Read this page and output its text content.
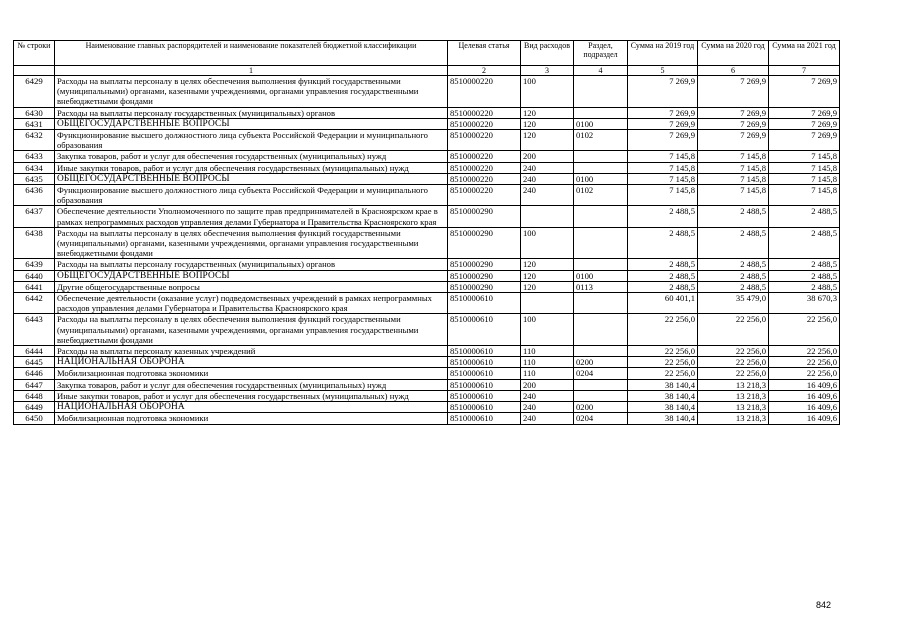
№ строки	Наименование главных распорядителей и наименование показателей бюджетной классификации	Целевая статья	Вид расходов	Раздел, подраздел	Сумма на 2019 год	Сумма на 2020 год	Сумма на 2021 год
	1	2	3	4	5	6	7
6429	Расходы на выплаты персоналу в целях обеспечения выполнения функций государственными (муниципальными) органами, казенными учреждениями, органами управления государственными внебюджетными фондами	8510000220	100		7 269,9	7 269,9	7 269,9
6430	Расходы на выплаты персоналу государственных (муниципальных) органов	8510000220	120		7 269,9	7 269,9	7 269,9
6431	ОБЩЕГОСУДАРСТВЕННЫЕ ВОПРОСЫ	8510000220	120	0100	7 269,9	7 269,9	7 269,9
6432	Функционирование высшего должностного лица субъекта Российской Федерации и муниципального образования	8510000220	120	0102	7 269,9	7 269,9	7 269,9
6433	Закупка товаров, работ и услуг для обеспечения государственных (муниципальных) нужд	8510000220	200		7 145,8	7 145,8	7 145,8
6434	Иные закупки товаров, работ и услуг для обеспечения государственных (муниципальных) нужд	8510000220	240		7 145,8	7 145,8	7 145,8
6435	ОБЩЕГОСУДАРСТВЕННЫЕ ВОПРОСЫ	8510000220	240	0100	7 145,8	7 145,8	7 145,8
6436	Функционирование высшего должностного лица субъекта Российской Федерации и муниципального образования	8510000220	240	0102	7 145,8	7 145,8	7 145,8
6437	Обеспечение деятельности Уполномоченного по защите прав предпринимателей в Красноярском крае в рамках непрограммных расходов управления делами Губернатора и Правительства Красноярского края	8510000290			2 488,5	2 488,5	2 488,5
6438	Расходы на выплаты персоналу в целях обеспечения выполнения функций государственными (муниципальными) органами, казенными учреждениями, органами управления государственными внебюджетными фондами	8510000290	100		2 488,5	2 488,5	2 488,5
6439	Расходы на выплаты персоналу государственных (муниципальных) органов	8510000290	120		2 488,5	2 488,5	2 488,5
6440	ОБЩЕГОСУДАРСТВЕННЫЕ ВОПРОСЫ	8510000290	120	0100	2 488,5	2 488,5	2 488,5
6441	Другие общегосударственные вопросы	8510000290	120	0113	2 488,5	2 488,5	2 488,5
6442	Обеспечение деятельности (оказание услуг) подведомственных учреждений в рамках непрограммных расходов управления делами Губернатора и Правительства Красноярского края	8510000610			60 401,1	35 479,0	38 670,3
6443	Расходы на выплаты персоналу в целях обеспечения выполнения функций государственными (муниципальными) органами, казенными учреждениями, органами управления государственными внебюджетными фондами	8510000610	100		22 256,0	22 256,0	22 256,0
6444	Расходы на выплаты персоналу казенных учреждений	8510000610	110		22 256,0	22 256,0	22 256,0
6445	НАЦИОНАЛЬНАЯ ОБОРОНА	8510000610	110	0200	22 256,0	22 256,0	22 256,0
6446	Мобилизационная подготовка экономики	8510000610	110	0204	22 256,0	22 256,0	22 256,0
6447	Закупка товаров, работ и услуг для обеспечения государственных (муниципальных) нужд	8510000610	200		38 140,4	13 218,3	16 409,6
6448	Иные закупки товаров, работ и услуг для обеспечения государственных (муниципальных) нужд	8510000610	240		38 140,4	13 218,3	16 409,6
6449	НАЦИОНАЛЬНАЯ ОБОРОНА	8510000610	240	0200	38 140,4	13 218,3	16 409,6
6450	Мобилизационная подготовка экономики	8510000610	240	0204	38 140,4	13 218,3	16 409,6
842
